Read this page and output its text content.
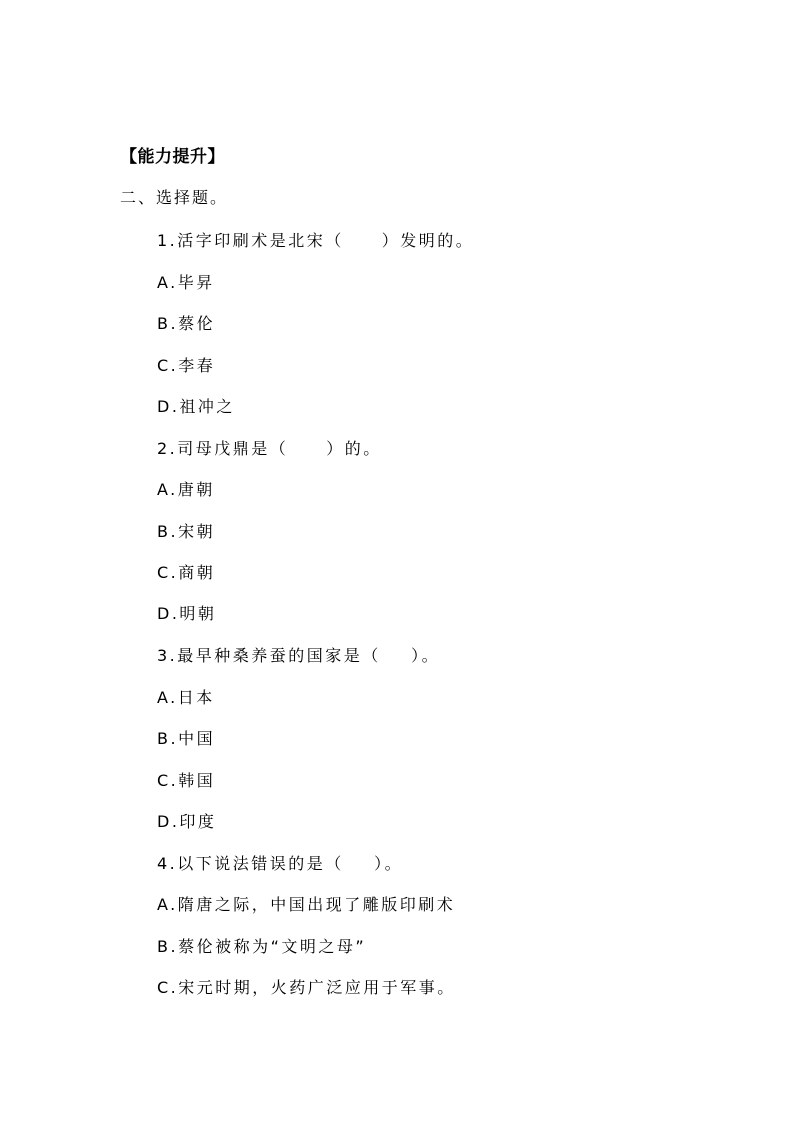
【能力提升】
二、选择题。
1.活字印刷术是北宋（     ）发明的。
A.毕昇
B.蔡伦
C.李春
D.祖冲之
2.司母戊鼎是（     ）的。
A.唐朝
B.宋朝
C.商朝
D.明朝
3.最早种桑养蚕的国家是（    ）。
A.日本
B.中国
C.韩国
D.印度
4.以下说法错误的是（    ）。
A.隋唐之际，中国出现了雕版印刷术
B.蔡伦被称为“文明之母”
C.宋元时期，火药广泛应用于军事。
